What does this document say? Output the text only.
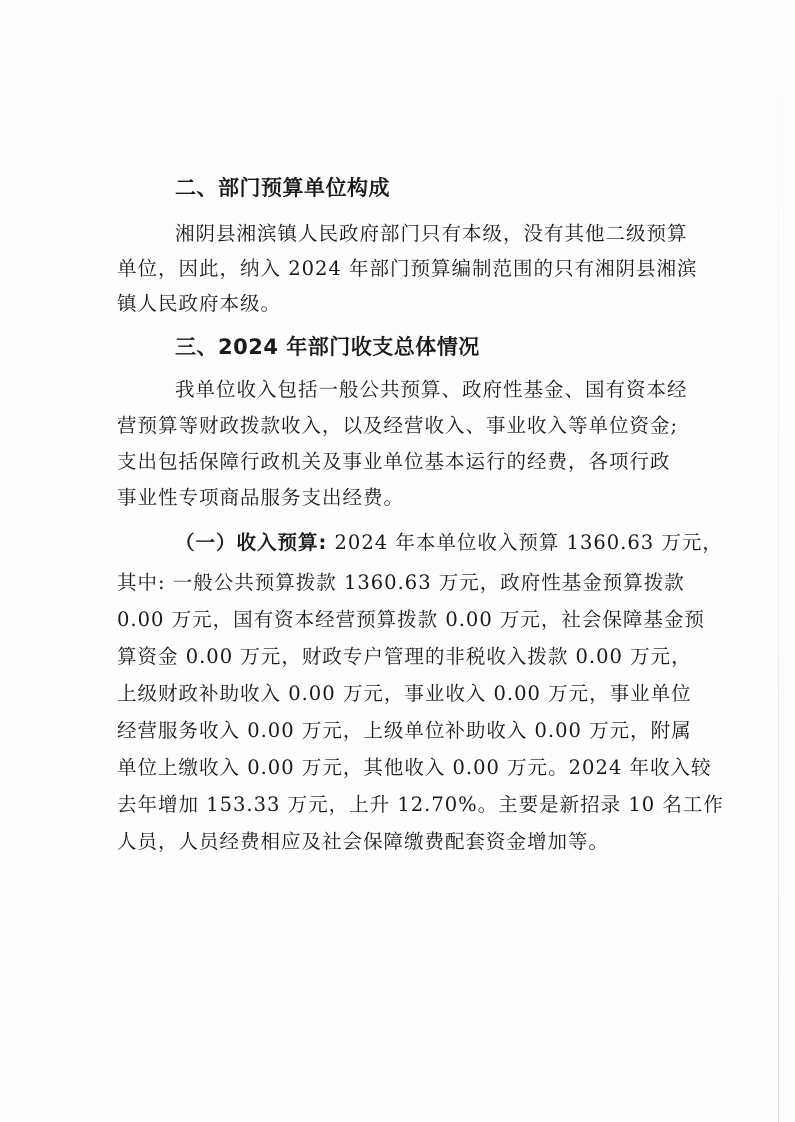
二、部门预算单位构成
湘阴县湘滨镇人民政府部门只有本级，没有其他二级预算
单位，因此，纳入 2024 年部门预算编制范围的只有湘阴县湘滨
镇人民政府本级。
三、2024 年部门收支总体情况
我单位收入包括一般公共预算、政府性基金、国有资本经
营预算等财政拨款收入，以及经营收入、事业收入等单位资金;
支出包括保障行政机关及事业单位基本运行的经费，各项行政
事业性专项商品服务支出经费。
（一）收入预算: 2024 年本单位收入预算 1360.63 万元，
其中: 一般公共预算拨款 1360.63 万元，政府性基金预算拨款
0.00 万元，国有资本经营预算拨款 0.00 万元，社会保障基金预
算资金 0.00 万元，财政专户管理的非税收入拨款 0.00 万元，
上级财政补助收入 0.00 万元，事业收入 0.00 万元，事业单位
经营服务收入 0.00 万元，上级单位补助收入 0.00 万元，附属
单位上缴收入 0.00 万元，其他收入 0.00 万元。2024 年收入较
去年增加 153.33 万元，上升 12.70%。主要是新招录 10 名工作
人员，人员经费相应及社会保障缴费配套资金增加等。
